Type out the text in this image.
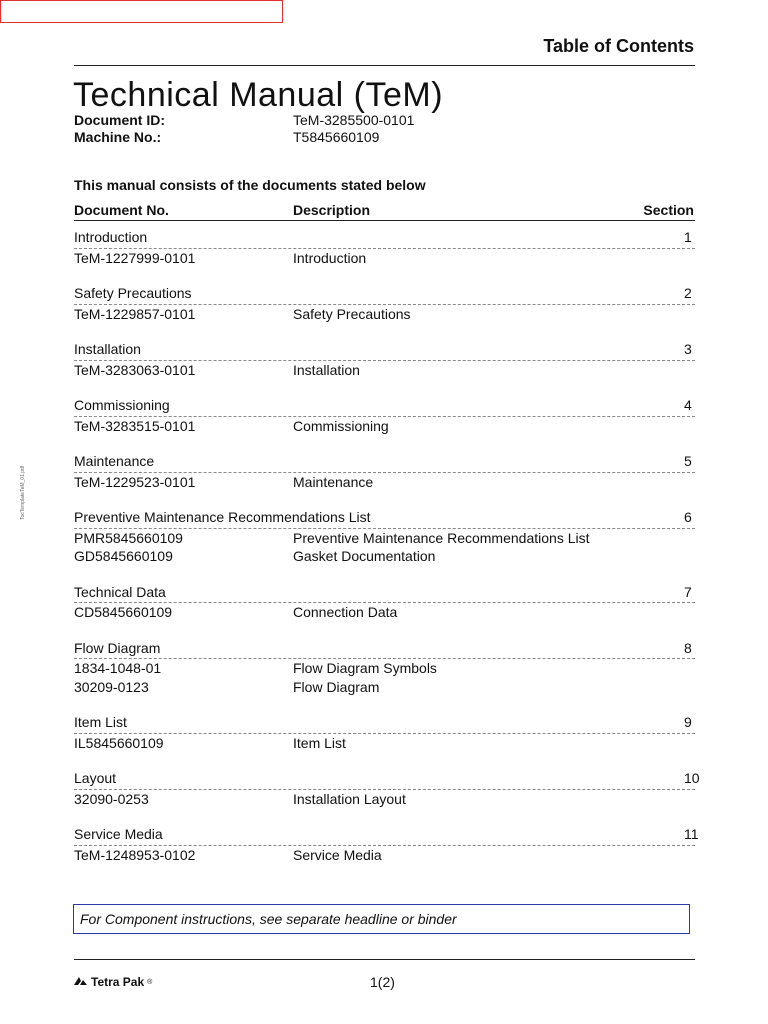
TocTemplateTeM_01.pdf
Table of Contents
Technical Manual (TeM)
Document ID:	TeM-3285500-0101
Machine No.:	T5845660109
This manual consists of the documents stated below
Document No.	Description	Section
Introduction	1
TeM-1227999-0101	Introduction
Safety Precautions	2
TeM-1229857-0101	Safety Precautions
Installation	3
TeM-3283063-0101	Installation
Commissioning	4
TeM-3283515-0101	Commissioning
Maintenance	5
TeM-1229523-0101	Maintenance
Preventive Maintenance Recommendations List	6
PMR5845660109	Preventive Maintenance Recommendations List
GD5845660109	Gasket Documentation
Technical Data	7
CD5845660109	Connection Data
Flow Diagram	8
1834-1048-01	Flow Diagram Symbols
30209-0123	Flow Diagram
Item List	9
IL5845660109	Item List
Layout	10
32090-0253	Installation Layout
Service Media	11
TeM-1248953-0102	Service Media
For Component instructions, see separate headline or binder
Tetra Pak ®	1(2)
